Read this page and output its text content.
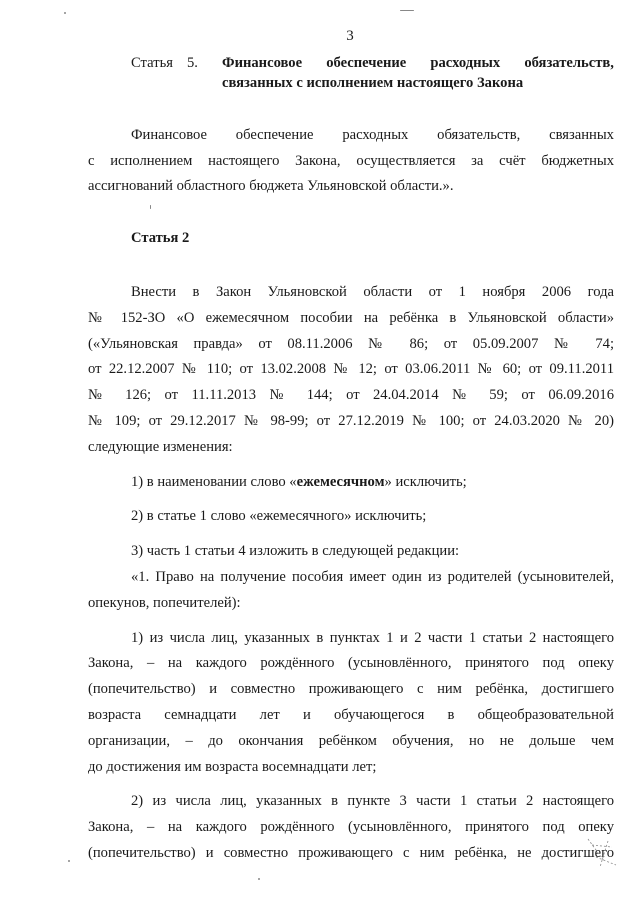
3
Статья 5. Финансовое обеспечение расходных обязательств,
связанных с исполнением настоящего Закона
Финансовое обеспечение расходных обязательств, связанных
с исполнением настоящего Закона, осуществляется за счёт бюджетных
ассигнований областного бюджета Ульяновской области.».
Статья 2

Внести в Закон Ульяновской области от 1 ноября 2006 года

№ 152-ЗО «О ежемесячном пособии на ребёнка в Ульяновской области»

(«Ульяновская правда» от 08.11.2006 № 86; от 05.09.2007 № 74;

от 22.12.2007 № 110; от 13.02.2008 № 12; от 03.06.2011 № 60; от 09.11.2011

№ 126; от 11.11.2013 № 144; от 24.04.2014 № 59; от 06.09.2016

№ 109; от 29.12.2017 № 98-99; от 27.12.2019 № 100; от 24.03.2020 № 20)

следующие изменения:

1) в наименовании слово «ежемесячном» исключить;

2) в статье 1 слово «ежемесячного» исключить;

3) часть 1 статьи 4 изложить в следующей редакции:

«1. Право на получение пособия имеет один из родителей (усыновителей,

опекунов, попечителей):

1) из числа лиц, указанных в пунктах 1 и 2 части 1 статьи 2 настоящего

Закона, – на каждого рождённого (усыновлённого, принятого под опеку

(попечительство) и совместно проживающего с ним ребёнка, достигшего

возраста семнадцати лет и обучающегося в общеобразовательной

организации, – до окончания ребёнком обучения, но не дольше чем

до достижения им возраста восемнадцати лет;

2) из числа лиц, указанных в пункте 3 части 1 статьи 2 настоящего

Закона, – на каждого рождённого (усыновлённого, принятого под опеку

(попечительство) и совместно проживающего с ним ребёнка, не достигшего
